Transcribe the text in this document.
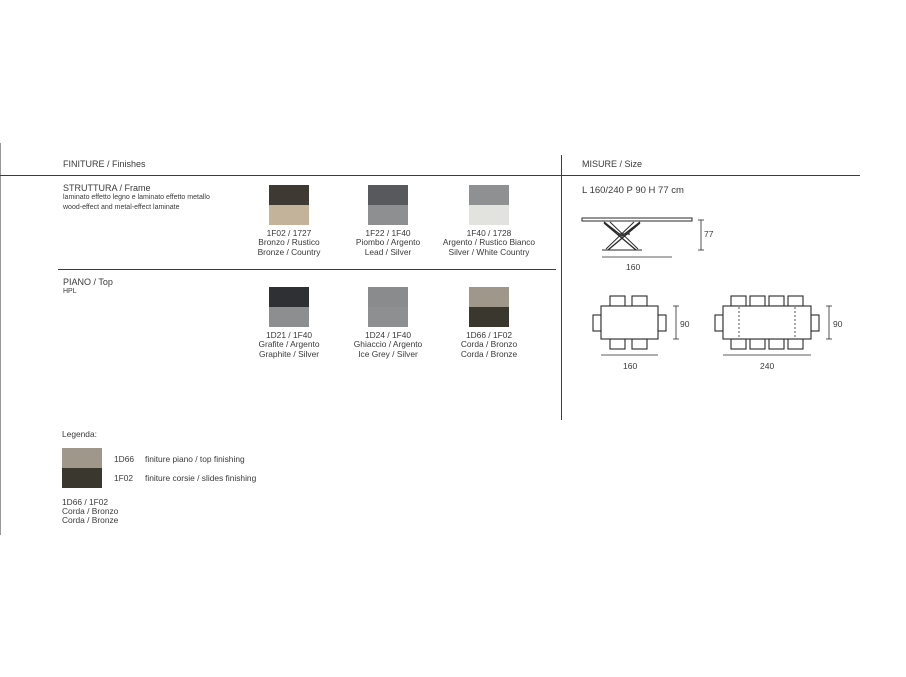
FINITURE / Finishes
STRUTTURA / Frame
laminato effetto legno e laminato effetto metallo
wood-effect and metal-effect laminate
1F02 / 1727
Bronzo / Rustico
Bronze / Country
1F22 / 1F40
Piombo / Argento
Lead / Silver
1F40 / 1728
Argento / Rustico Bianco
Silver / White Country
PIANO / Top
HPL
1D21 / 1F40
Grafite / Argento
Graphite / Silver
1D24 / 1F40
Ghiaccio / Argento
Ice Grey / Silver
1D66 / 1F02
Corda / Bronzo
Corda / Bronze
Legenda:
1D66 finiture piano / top finishing
1F02 finiture corsie / slides finishing
1D66 / 1F02
Corda / Bronzo
Corda / Bronze
MISURE / Size
L 160/240 P 90 H 77 cm
77
160
90
160
90
240
